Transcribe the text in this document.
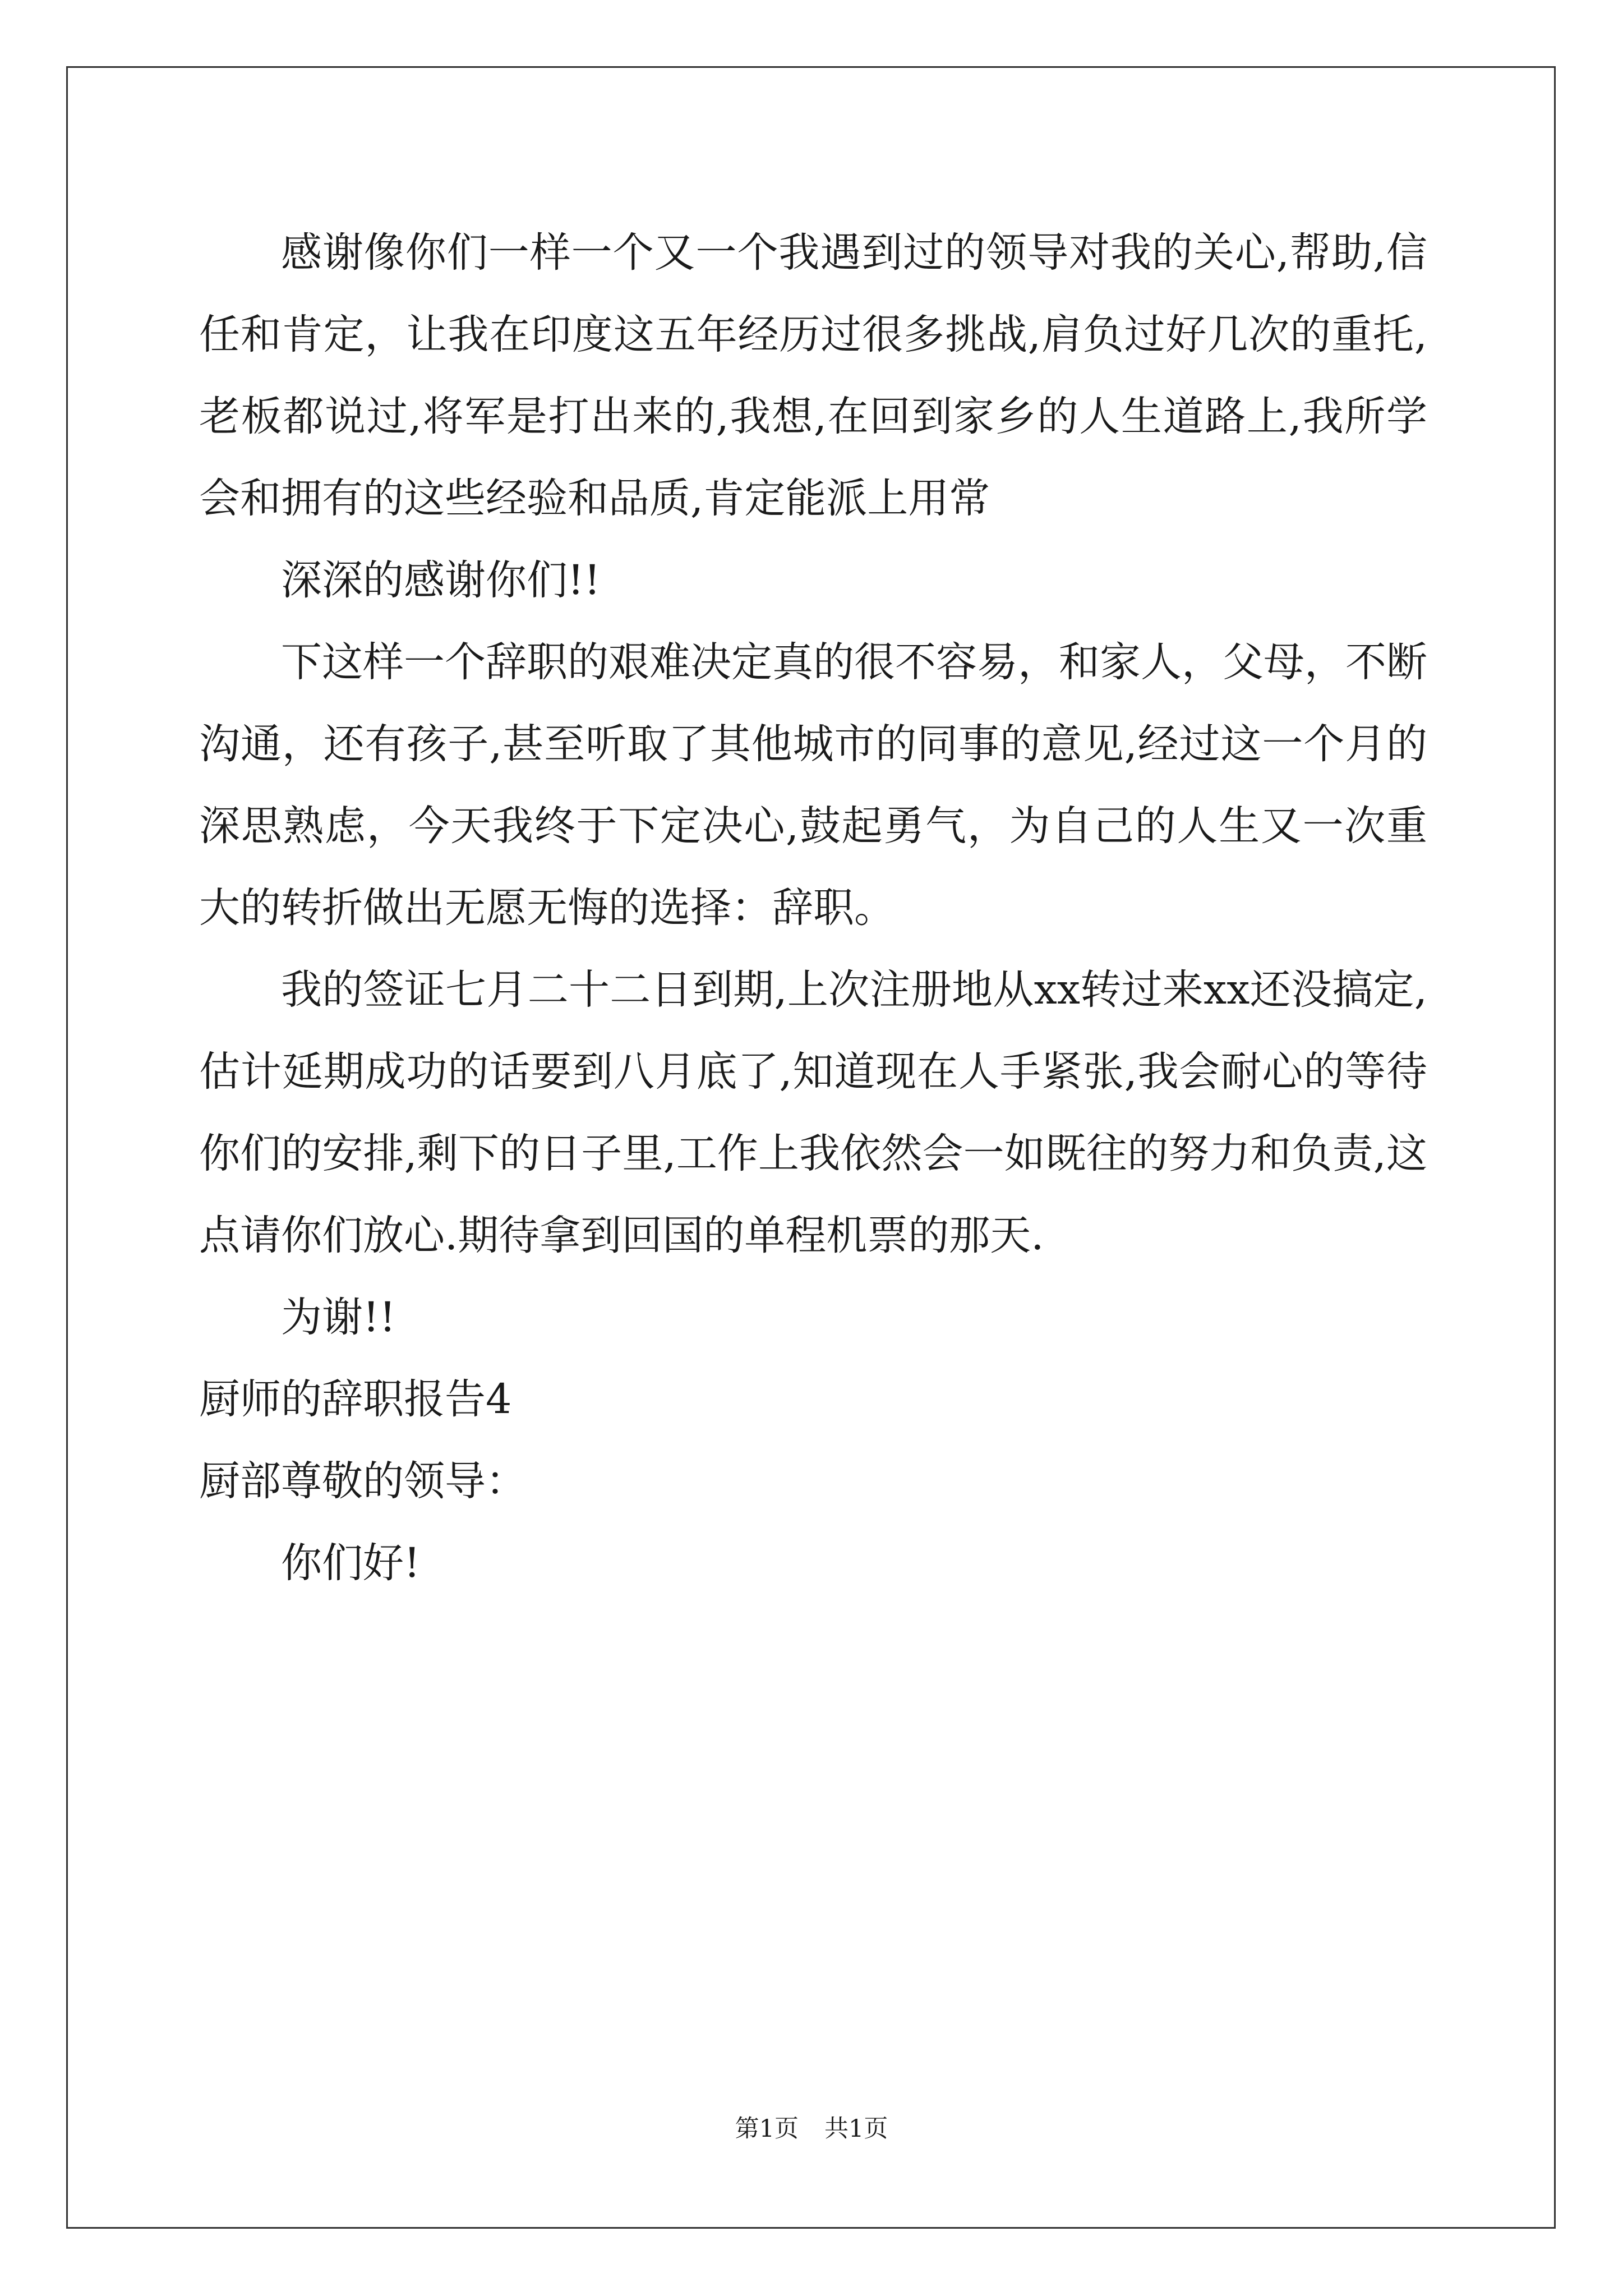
感谢像你们一样一个又一个我遇到过的领导对我的关心,帮助,信任和肯定，让我在印度这五年经历过很多挑战,肩负过好几次的重托,老板都说过,将军是打出来的,我想,在回到家乡的人生道路上,我所学会和拥有的这些经验和品质,肯定能派上用常

深深的感谢你们!!

下这样一个辞职的艰难决定真的很不容易，和家人，父母，不断沟通，还有孩子,甚至听取了其他城市的同事的意见,经过这一个月的深思熟虑，今天我终于下定决心,鼓起勇气，为自己的人生又一次重大的转折做出无愿无悔的选择：辞职。

我的签证七月二十二日到期,上次注册地从xx转过来xx还没搞定,估计延期成功的话要到八月底了,知道现在人手紧张,我会耐心的等待你们的安排,剩下的日子里,工作上我依然会一如既往的努力和负责,这点请你们放心.期待拿到回国的单程机票的那天.

为谢!!

厨师的辞职报告4

厨部尊敬的领导：

你们好!

第1页 共1页
